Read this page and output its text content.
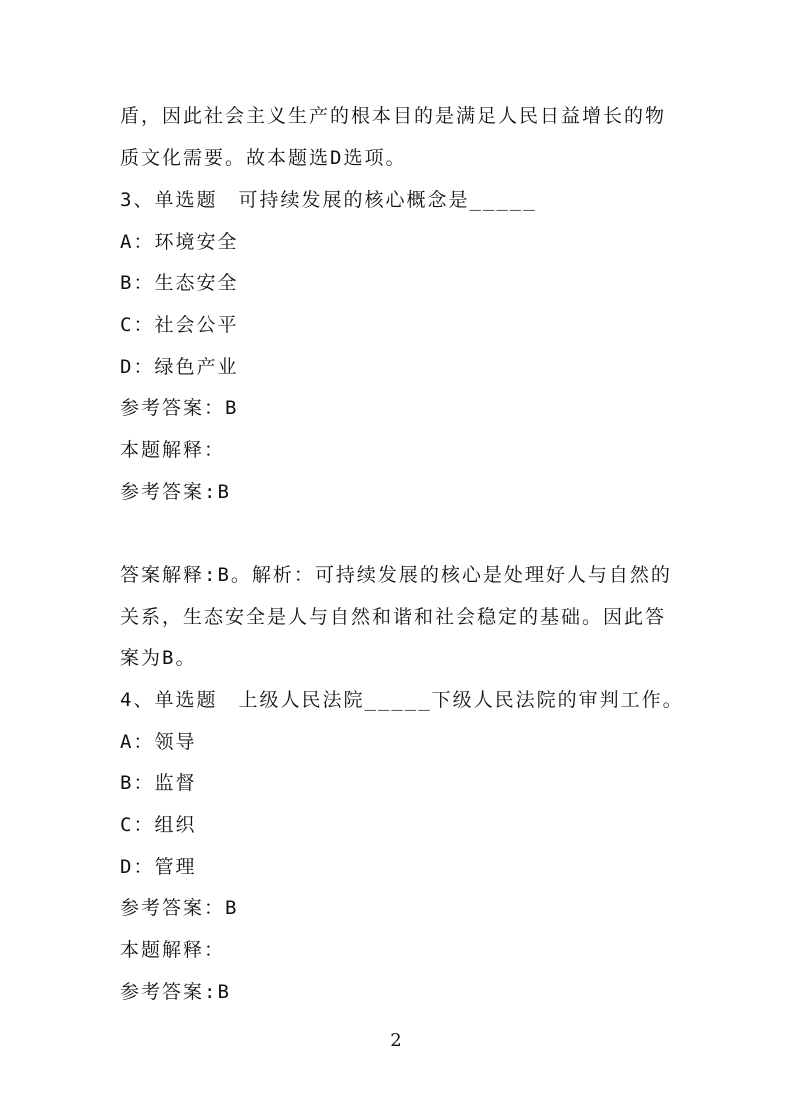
盾，因此社会主义生产的根本目的是满足人民日益增长的物
质文化需要。故本题选D选项。
3、单选题　可持续发展的核心概念是_____
A：环境安全
B：生态安全
C：社会公平
D：绿色产业
参考答案：B
本题解释：
参考答案:B
答案解释:B。解析：可持续发展的核心是处理好人与自然的
关系，生态安全是人与自然和谐和社会稳定的基础。因此答
案为B。
4、单选题　上级人民法院_____下级人民法院的审判工作。
A：领导
B：监督
C：组织
D：管理
参考答案：B
本题解释：
参考答案:B
2
